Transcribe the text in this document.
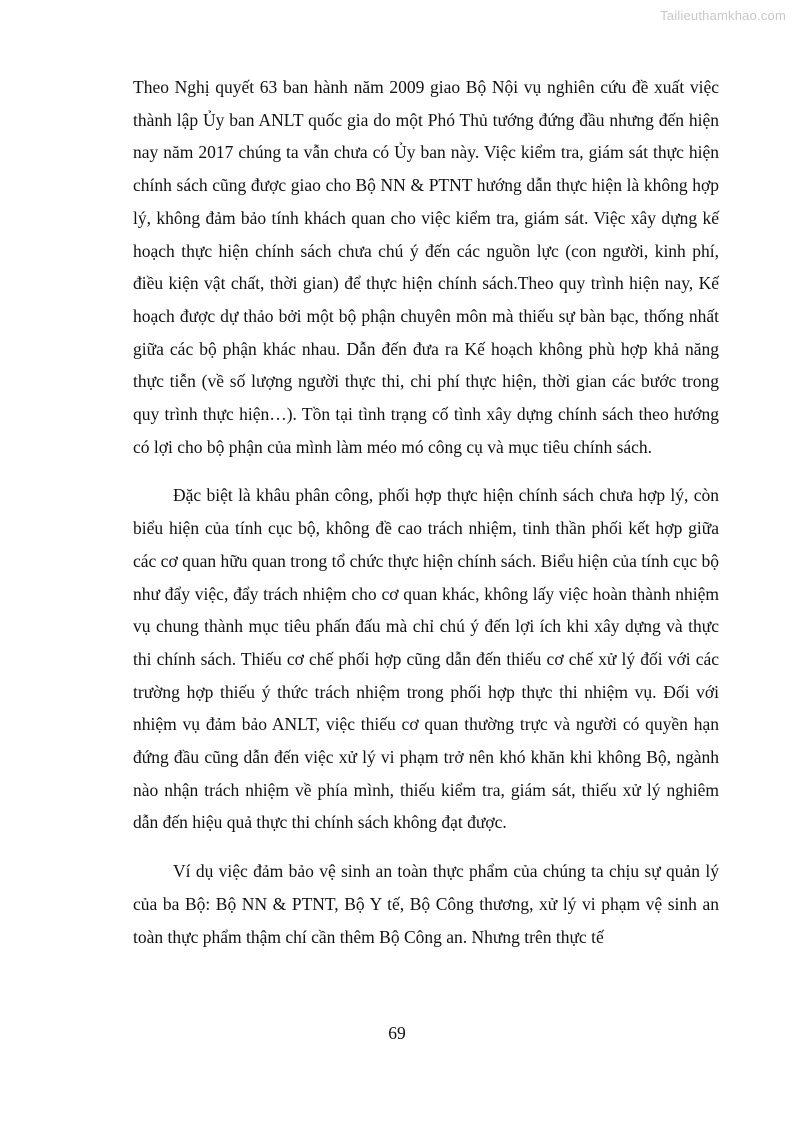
Tailieuthamkhao.com

Theo Nghị quyết 63 ban hành năm 2009 giao Bộ Nội vụ nghiên cứu đề xuất việc thành lập Ủy ban ANLT quốc gia do một Phó Thủ tướng đứng đầu nhưng đến hiện nay năm 2017 chúng ta vẫn chưa có Ủy ban này. Việc kiểm tra, giám sát thực hiện chính sách cũng được giao cho Bộ NN & PTNT hướng dẫn thực hiện là không hợp lý, không đảm bảo tính khách quan cho việc kiểm tra, giám sát. Việc xây dựng kế hoạch thực hiện chính sách chưa chú ý đến các nguồn lực (con người, kinh phí, điều kiện vật chất, thời gian) để thực hiện chính sách.Theo quy trình hiện nay, Kế hoạch được dự thảo bởi một bộ phận chuyên môn mà thiếu sự bàn bạc, thống nhất giữa các bộ phận khác nhau. Dẫn đến đưa ra Kế hoạch không phù hợp khả năng thực tiễn (về số lượng người thực thi, chi phí thực hiện, thời gian các bước trong quy trình thực hiện…). Tồn tại tình trạng cố tình xây dựng chính sách theo hướng có lợi cho bộ phận của mình làm méo mó công cụ và mục tiêu chính sách.

Đặc biệt là khâu phân công, phối hợp thực hiện chính sách chưa hợp lý, còn biểu hiện của tính cục bộ, không đề cao trách nhiệm, tinh thần phối kết hợp giữa các cơ quan hữu quan trong tổ chức thực hiện chính sách. Biểu hiện của tính cục bộ như đẩy việc, đẩy trách nhiệm cho cơ quan khác, không lấy việc hoàn thành nhiệm vụ chung thành mục tiêu phấn đấu mà chỉ chú ý đến lợi ích khi xây dựng và thực thi chính sách. Thiếu cơ chế phối hợp cũng dẫn đến thiếu cơ chế xử lý đối với các trường hợp thiếu ý thức trách nhiệm trong phối hợp thực thi nhiệm vụ. Đối với nhiệm vụ đảm bảo ANLT, việc thiếu cơ quan thường trực và người có quyền hạn đứng đầu cũng dẫn đến việc xử lý vi phạm trở nên khó khăn khi không Bộ, ngành nào nhận trách nhiệm về phía mình, thiếu kiểm tra, giám sát, thiếu xử lý nghiêm dẫn đến hiệu quả thực thi chính sách không đạt được.

Ví dụ việc đảm bảo vệ sinh an toàn thực phẩm của chúng ta chịu sự quản lý của ba Bộ: Bộ NN & PTNT, Bộ Y tế, Bộ Công thương, xử lý vi phạm vệ sinh an toàn thực phẩm thậm chí cần thêm Bộ Công an. Nhưng trên thực tế

69
